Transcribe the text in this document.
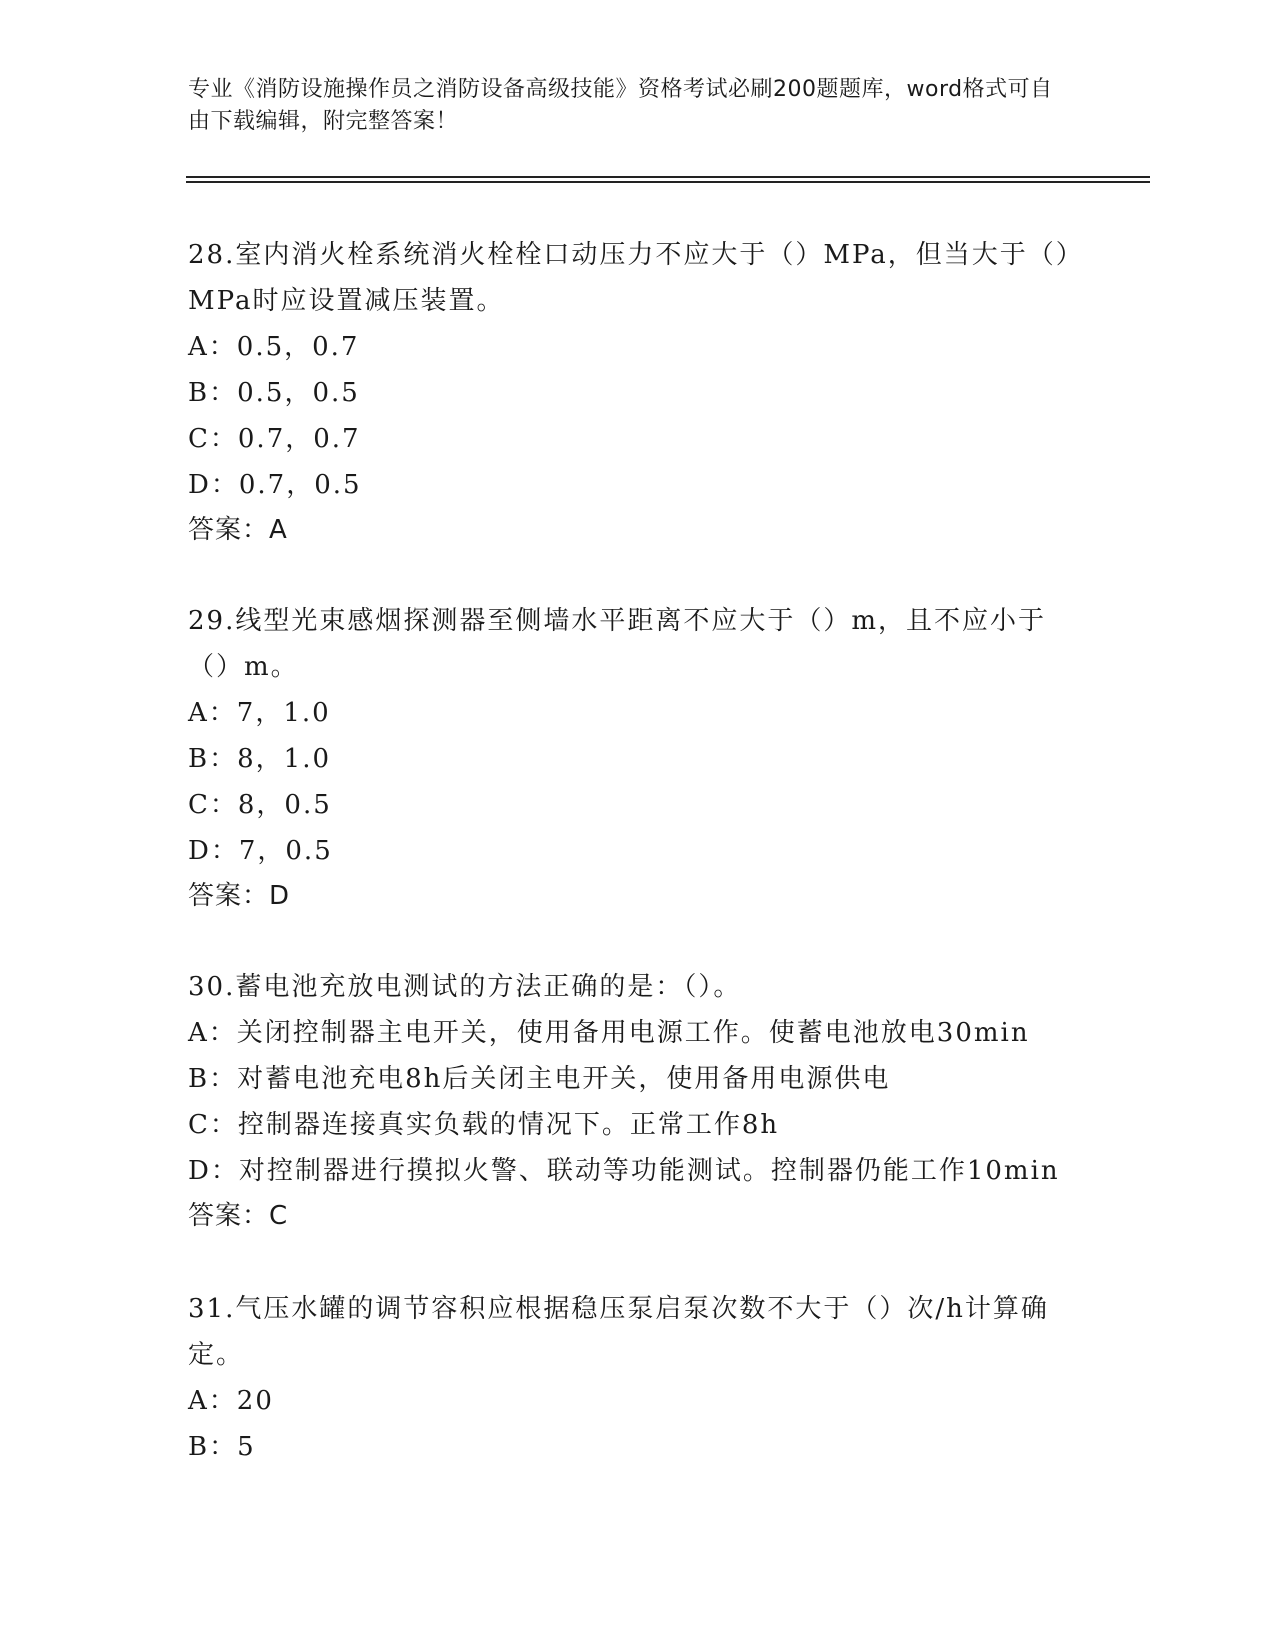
专业《消防设施操作员之消防设备高级技能》资格考试必刷200题题库，word格式可自由下载编辑，附完整答案！

28.室内消火栓系统消火栓栓口动压力不应大于（）MPa，但当大于（）MPa时应设置减压装置。

A：0.5，0.7

B：0.5，0.5

C：0.7，0.7

D：0.7，0.5

答案：A

29.线型光束感烟探测器至侧墙水平距离不应大于（）m，且不应小于（）m。

A：7，1.0

B：8，1.0

C：8，0.5

D：7，0.5

答案：D

30.蓄电池充放电测试的方法正确的是：（）。

A：关闭控制器主电开关，使用备用电源工作。使蓄电池放电30min

B：对蓄电池充电8h后关闭主电开关，使用备用电源供电

C：控制器连接真实负载的情况下。正常工作8h

D：对控制器进行摸拟火警、联动等功能测试。控制器仍能工作10min

答案：C

31.气压水罐的调节容积应根据稳压泵启泵次数不大于（）次/h计算确定。

A：20

B：5
